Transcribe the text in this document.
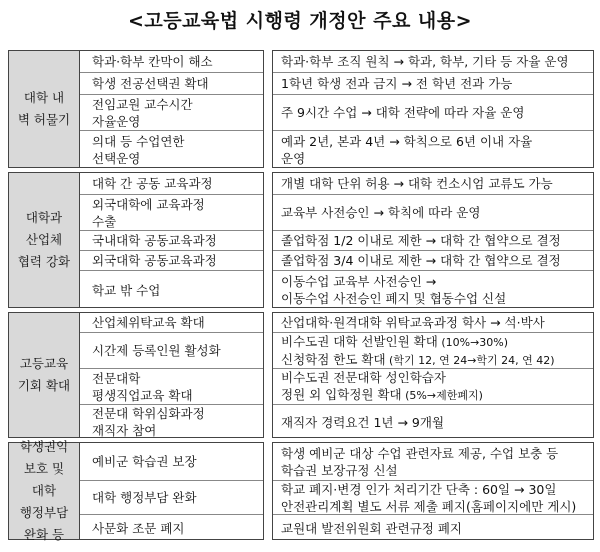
<고등교육법 시행령 개정안 주요 내용>
대학 내
벽 허물기
학과·학부 칸막이 해소
학생 전공선택권 확대
전임교원 교수시간
자율운영
의대 등 수업연한
선택운영
학과·학부 조직 원칙 → 학과, 학부, 기타 등 자율 운영
1학년 학생 전과 금지 → 전 학년 전과 가능
주 9시간 수업 → 대학 전략에 따라 자율 운영
예과 2년, 본과 4년 → 학칙으로 6년 이내 자율
운영
대학과
산업체
협력 강화
대학 간 공동 교육과정
외국대학에 교육과정
수출
국내대학 공동교육과정
외국대학 공동교육과정
학교 밖 수업
개별 대학 단위 허용 → 대학 컨소시엄 교류도 가능
교육부 사전승인 → 학칙에 따라 운영
졸업학점 1/2 이내로 제한 → 대학 간 협약으로 결정
졸업학점 3/4 이내로 제한 → 대학 간 협약으로 결정
이동수업 교육부 사전승인 →
이동수업 사전승인 폐지 및 협동수업 신설
고등교육
기회 확대
산업체위탁교육 확대
시간제 등록인원 활성화
전문대학
평생직업교육 확대
전문대 학위심화과정
재직자 참여
산업대학·원격대학 위탁교육과정 학사 → 석·박사
비수도권 대학 선발인원 확대 (10%→30%)
신청학점 한도 확대 (학기 12, 연 24→학기 24, 연 42)
비수도권 전문대학 성인학습자
정원 외 입학정원 확대 (5%→제한폐지)
재직자 경력요건 1년 → 9개월
학생권익
보호 및
대학
행정부담
완화 등
예비군 학습권 보장
대학 행정부담 완화
사문화 조문 폐지
학생 예비군 대상 수업 관련자료 제공, 수업 보충 등
학습권 보장규정 신설
학교 폐지·변경 인가 처리기간 단축 : 60일 → 30일
안전관리계획 별도 서류 제출 폐지(홈페이지에만 게시)
교원대 발전위원회 관련규정 폐지
